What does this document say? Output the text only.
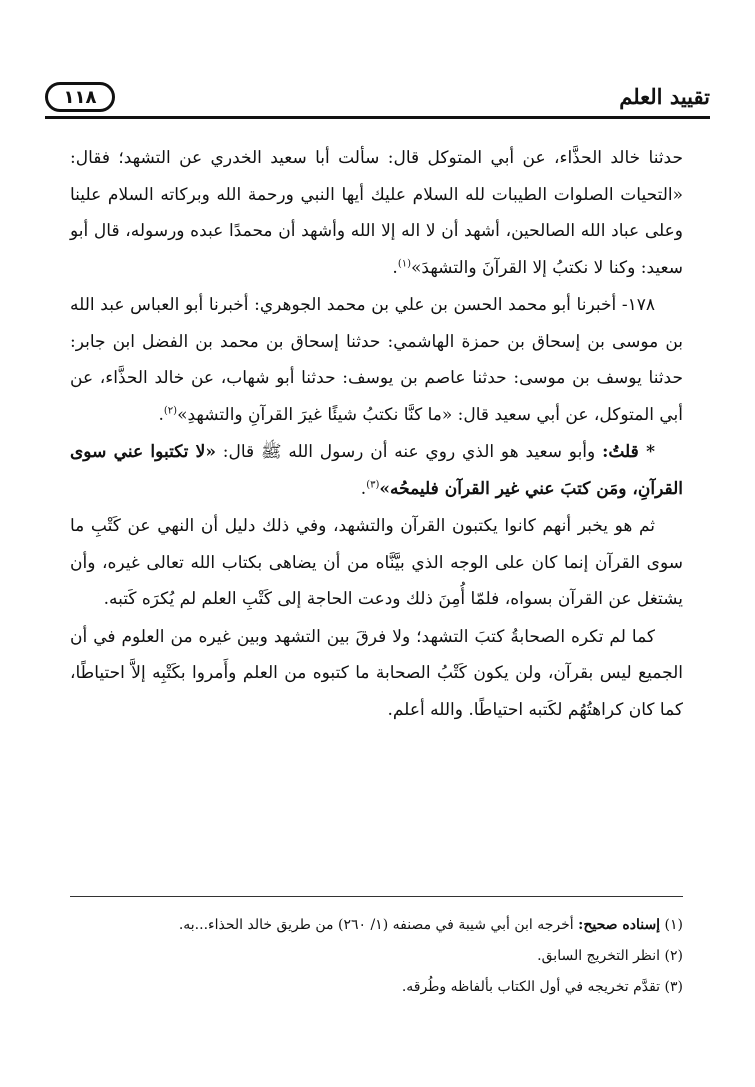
١١٨	تقييد العلم

حدثنا خالد الحذَّاء، عن أبي المتوكل قال: سألت أبا سعيد الخدري عن التشهد؛ فقال: «التحيات الصلوات الطيبات لله السلام عليك أيها النبي ورحمة الله وبركاته السلام علينا وعلى عباد الله الصالحين، أشهد أن لا اله إلا الله وأشهد أن محمدًا عبده ورسوله، قال أبو سعيد: وكنا لا نكتبُ إلا القرآنَ والتشهدَ»$^{(١)}$.

١٧٨- أخبرنا أبو محمد الحسن بن علي بن محمد الجوهري: أخبرنا أبو العباس عبد الله بن موسى بن إسحاق بن حمزة الهاشمي: حدثنا إسحاق بن محمد بن الفضل ابن جابر: حدثنا يوسف بن موسى: حدثنا عاصم بن يوسف: حدثنا أبو شهاب، عن خالد الحذَّاء، عن أبي المتوكل، عن أبي سعيد قال: «ما كنَّا نكتبُ شيئًا غيرَ القرآنِ والتشهدِ»$^{(٢)}$.

* قلتُ: وأبو سعيد هو الذي روي عنه أن رسول الله ﷺ قال: «لا تكتبوا عني سوى القرآنِ، ومَن كتبَ عني غير القرآن فليمحُه»$^{(٣)}$.

ثم هو يخبر أنهم كانوا يكتبون القرآن والتشهد، وفي ذلك دليل أن النهي عن كَتْبِ ما سوى القرآن إنما كان على الوجه الذي بيَّنَّاه من أن يضاهى بكتاب الله تعالى غيره، وأن يشتغل عن القرآن بسواه، فلمّا أُمِنَ ذلك ودعت الحاجة إلى كَتْبِ العلم لم يُكرَه كَتبه.

كما لم تكره الصحابةُ كتبَ التشهد؛ ولا فرقَ بين التشهد وبين غيره من العلوم في أن الجميع ليس بقرآن، ولن يكون كَتْبُ الصحابة ما كتبوه من العلم وأَمروا بكَتْبِه إلاَّ احتياطًا، كما كان كراهتُهُم لكَتبه احتياطًا. والله أعلم.

(١) إسناده صحيح: أخرجه ابن أبي شيبة في مصنفه (١/ ٢٦٠) من طريق خالد الحذاء...به.

(٢) انظر التخريج السابق.

(٣) تقدَّم تخريجه في أول الكتاب بألفاظه وطُرقه.
